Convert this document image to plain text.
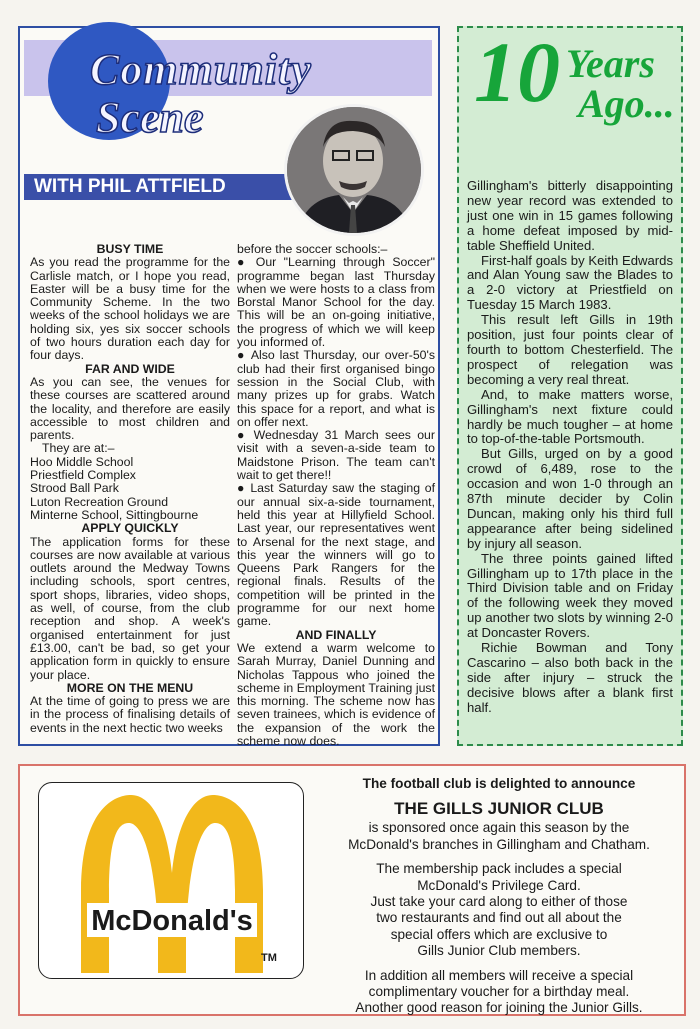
Community
Scene
WITH PHIL ATTFIELD

BUSY TIME

As you read the programme for the Carlisle match, or I hope you read, Easter will be a busy time for the Community Scheme. In the two weeks of the school holidays we are holding six, yes six soccer schools of two hours duration each day for four days.

FAR AND WIDE

As you can see, the venues for these courses are scattered around the locality, and therefore are easily accessible to most children and parents.

They are at:–

Hoo Middle School

Priestfield Complex

Strood Ball Park

Luton Recreation Ground

Minterne School, Sittingbourne

APPLY QUICKLY

The application forms for these courses are now available at various outlets around the Medway Towns including schools, sport centres, sport shops, libraries, video shops, as well, of course, from the club reception and shop. A week's organised entertainment for just £13.00, can't be bad, so get your application form in quickly to ensure your place.

MORE ON THE MENU

At the time of going to press we are in the process of finalising details of events in the next hectic two weeks

before the soccer schools:–

● Our "Learning through Soccer" programme began last Thursday when we were hosts to a class from Borstal Manor School for the day. This will be an on-going initiative, the progress of which we will keep you informed of.

● Also last Thursday, our over-50's club had their first organised bingo session in the Social Club, with many prizes up for grabs. Watch this space for a report, and what is on offer next.

● Wednesday 31 March sees our visit with a seven-a-side team to Maidstone Prison. The team can't wait to get there!!

● Last Saturday saw the staging of our annual six-a-side tournament, held this year at Hillyfield School. Last year, our representatives went to Arsenal for the next stage, and this year the winners will go to Queens Park Rangers for the regional finals. Results of the competition will be printed in the programme for our next home game.

AND FINALLY

We extend a warm welcome to Sarah Murray, Daniel Dunning and Nicholas Tappous who joined the scheme in Employment Training just this morning. The scheme now has seven trainees, which is evidence of the expansion of the work the scheme now does.

10 Years
Ago...

Gillingham's bitterly disappointing new year record was extended to just one win in 15 games following a home defeat imposed by mid-table Sheffield United.

First-half goals by Keith Edwards and Alan Young saw the Blades to a 2-0 victory at Priestfield on Tuesday 15 March 1983.

This result left Gills in 19th position, just four points clear of fourth to bottom Chesterfield. The prospect of relegation was becoming a very real threat.

And, to make matters worse, Gillingham's next fixture could hardly be much tougher – at home to top-of-the-table Portsmouth.

But Gills, urged on by a good crowd of 6,489, rose to the occasion and won 1-0 through an 87th minute decider by Colin Duncan, making only his third full appearance after being sidelined by injury all season.

The three points gained lifted Gillingham up to 17th place in the Third Division table and on Friday of the following week they moved up another two slots by winning 2-0 at Doncaster Rovers.

Richie Bowman and Tony Cascarino – also both back in the side after injury – struck the decisive blows after a blank first half.

McDonald's
TM

The football club is delighted to announce

THE GILLS JUNIOR CLUB

is sponsored once again this season by the

McDonald's branches in Gillingham and Chatham.

The membership pack includes a special

McDonald's Privilege Card.

Just take your card along to either of those

two restaurants and find out all about the

special offers which are exclusive to

Gills Junior Club members.

In addition all members will receive a special

complimentary voucher for a birthday meal.

Another good reason for joining the Junior Gills.
